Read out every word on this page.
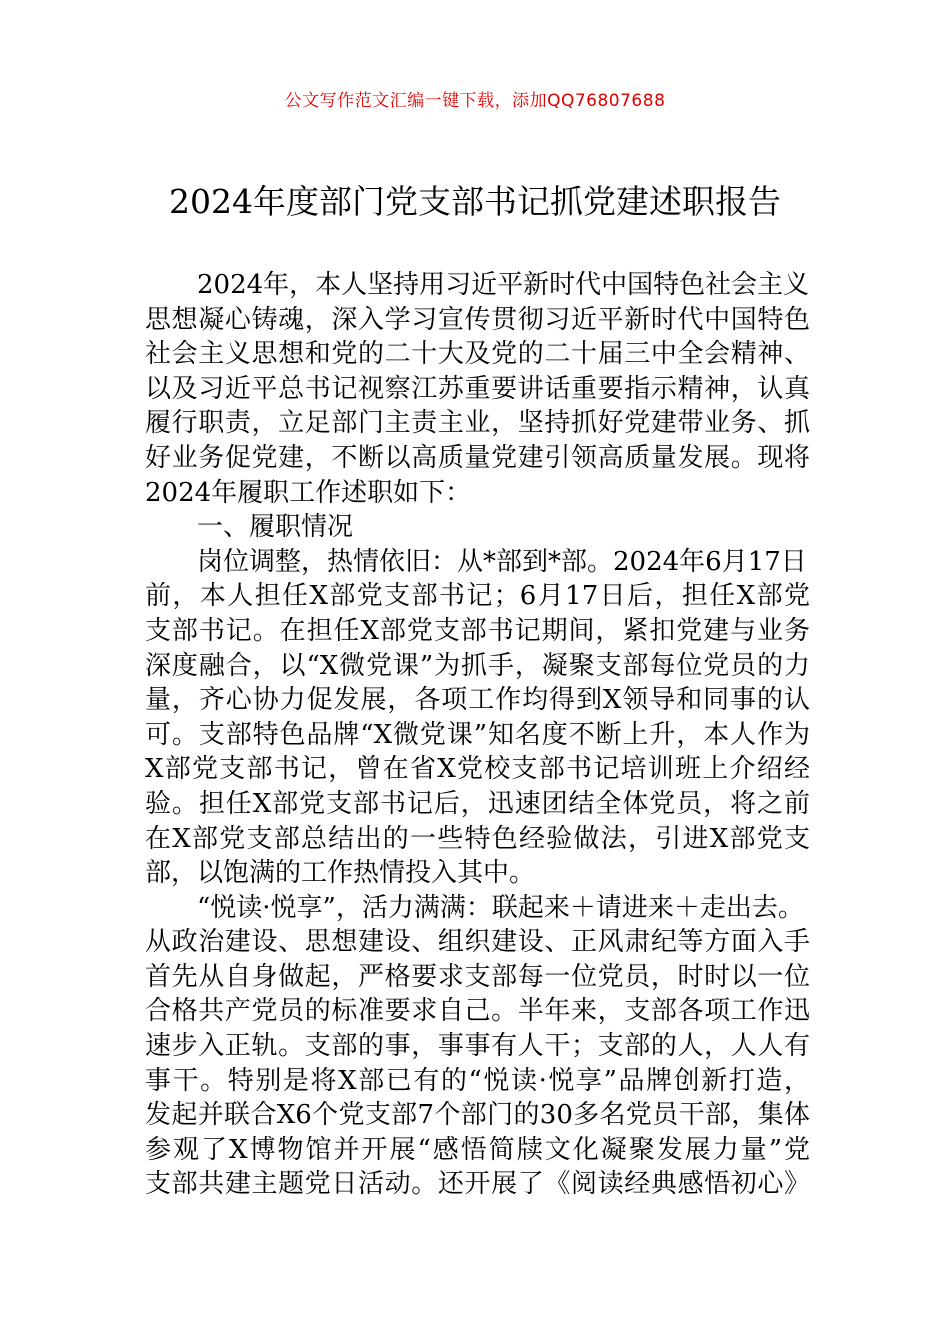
公文写作范文汇编一键下载，添加QQ76807688
2024年度部门党支部书记抓党建述职报告
2024年，本人坚持用习近平新时代中国特色社会主义
思想凝心铸魂，深入学习宣传贯彻习近平新时代中国特色
社会主义思想和党的二十大及党的二十届三中全会精神、
以及习近平总书记视察江苏重要讲话重要指示精神，认真
履行职责，立足部门主责主业，坚持抓好党建带业务、抓
好业务促党建，不断以高质量党建引领高质量发展。现将
2024年履职工作述职如下：
一、履职情况
岗位调整，热情依旧：从*部到*部。2024年6月17日
前，本人担任X部党支部书记；6月17日后，担任X部党
支部书记。在担任X部党支部书记期间，紧扣党建与业务
深度融合，以“X微党课”为抓手，凝聚支部每位党员的力
量，齐心协力促发展，各项工作均得到X领导和同事的认
可。支部特色品牌“X微党课”知名度不断上升，本人作为
X部党支部书记，曾在省X党校支部书记培训班上介绍经
验。担任X部党支部书记后，迅速团结全体党员，将之前
在X部党支部总结出的一些特色经验做法，引进X部党支
部，以饱满的工作热情投入其中。
“悦读·悦享”，活力满满：联起来＋请进来＋走出去。
从政治建设、思想建设、组织建设、正风肃纪等方面入手
首先从自身做起，严格要求支部每一位党员，时时以一位
合格共产党员的标准要求自己。半年来，支部各项工作迅
速步入正轨。支部的事，事事有人干；支部的人，人人有
事干。特别是将X部已有的“悦读·悦享”品牌创新打造，
发起并联合X6个党支部7个部门的30多名党员干部，集体
参观了X博物馆并开展“感悟简牍文化凝聚发展力量”党
支部共建主题党日活动。还开展了《阅读经典感悟初心》
